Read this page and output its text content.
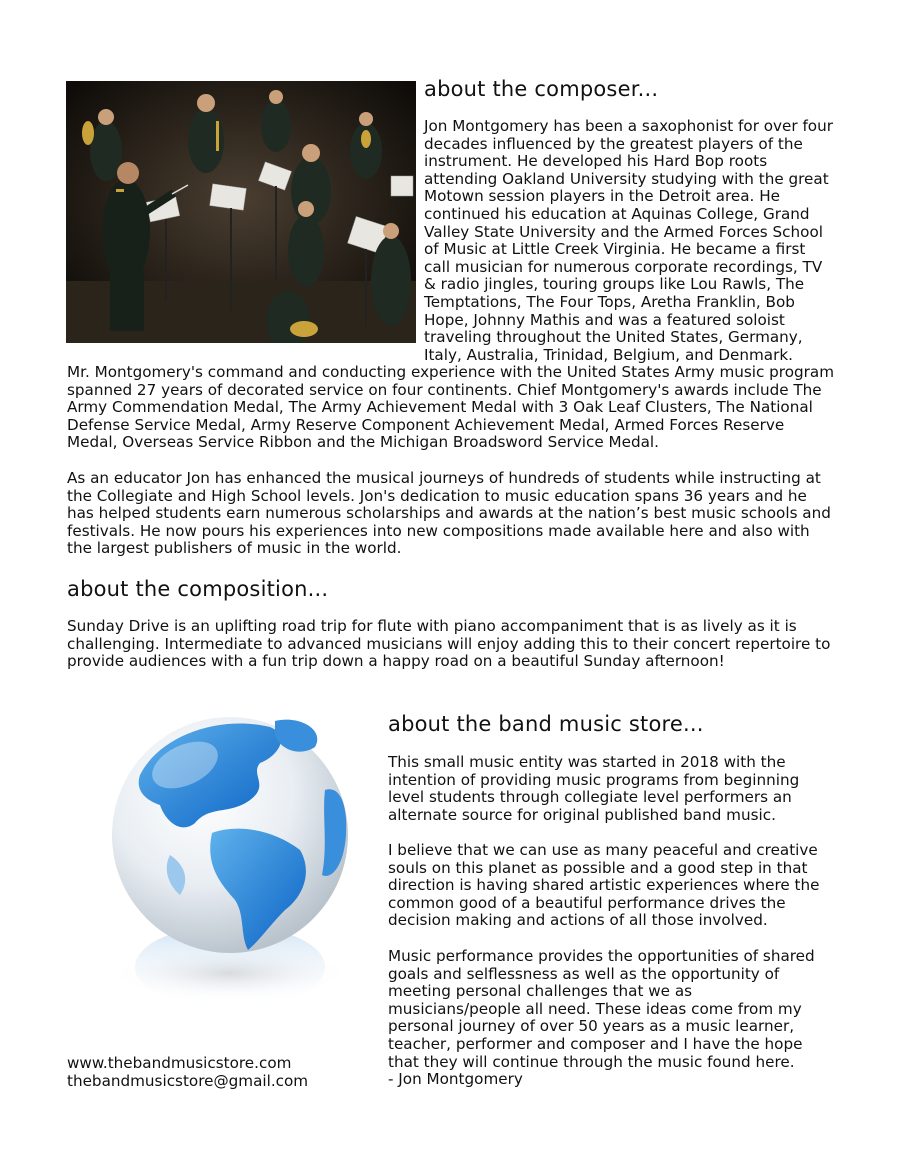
about the composer...

Jon Montgomery has been a saxophonist for over four decades influenced by the greatest players of the instrument. He developed his Hard Bop roots attending Oakland University studying with the great Motown session players in the Detroit area. He continued his education at Aquinas College, Grand Valley State University and the Armed Forces School of Music at Little Creek Virginia. He became a first call musician for numerous corporate recordings, TV & radio jingles, touring groups like Lou Rawls, The Temptations, The Four Tops, Aretha Franklin, Bob Hope, Johnny Mathis and was a featured soloist traveling throughout the United States, Germany, Italy, Australia, Trinidad, Belgium, and Denmark.

Mr. Montgomery's command and conducting experience with the United States Army music program spanned 27 years of decorated service on four continents. Chief Montgomery's awards include The Army Commendation Medal, The Army Achievement Medal with 3 Oak Leaf Clusters, The National Defense Service Medal, Army Reserve Component Achievement Medal, Armed Forces Reserve Medal, Overseas Service Ribbon and the Michigan Broadsword Service Medal.

As an educator Jon has enhanced the musical journeys of hundreds of students while instructing at the Collegiate and High School levels. Jon's dedication to music education spans 36 years and he has helped students earn numerous scholarships and awards at the nation’s best music schools and festivals. He now pours his experiences into new compositions made available here and also with the largest publishers of music in the world.

about the composition...

Sunday Drive is an uplifting road trip for flute with piano accompaniment that is as lively as it is challenging. Intermediate to advanced musicians will enjoy adding this to their concert repertoire to provide audiences with a fun trip down a happy road on a beautiful Sunday afternoon!

about the band music store...

This small music entity was started in 2018 with the intention of providing music programs from beginning level students through collegiate level performers an alternate source for original published band music.

I believe that we can use as many peaceful and creative souls on this planet as possible and a good step in that direction is having shared artistic experiences where the common good of a beautiful performance drives the decision making and actions of all those involved.

Music performance provides the opportunities of shared goals and selflessness as well as the opportunity of meeting personal challenges that we as musicians/people all need. These ideas come from my personal journey of over 50 years as a music learner, teacher, performer and composer and I have the hope that they will continue through the music found here.

- Jon Montgomery

www.thebandmusicstore.com
thebandmusicstore@gmail.com
